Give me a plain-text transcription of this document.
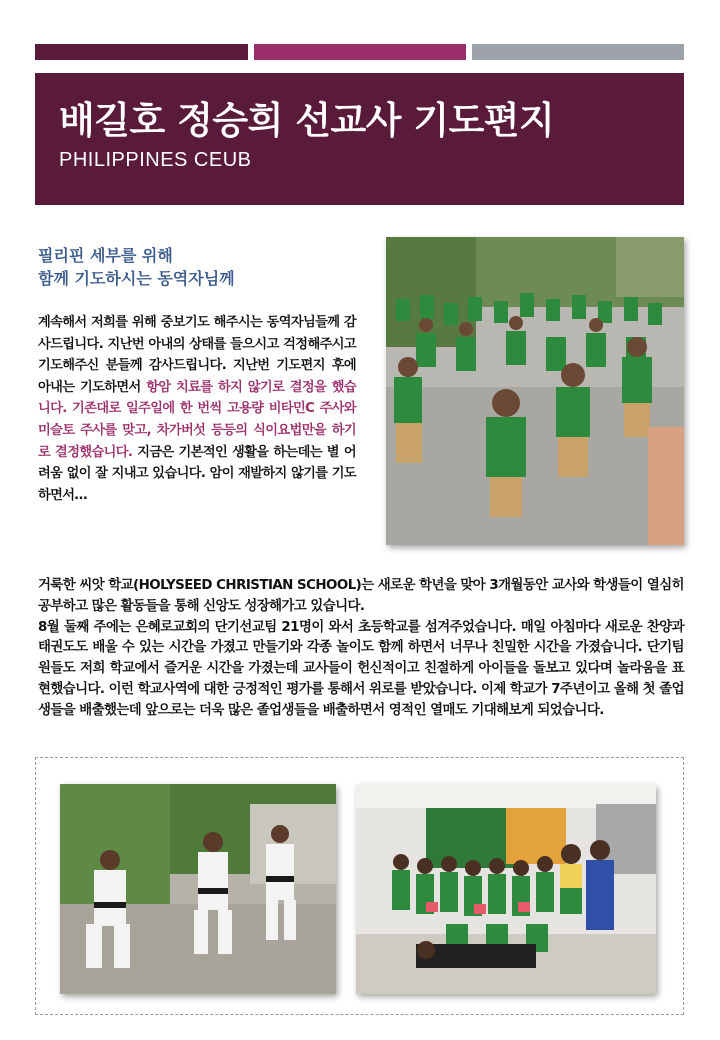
배길호 정승희 선교사 기도편지
PHILIPPINES CEUB
필리핀 세부를 위해
함께 기도하시는 동역자님께
계속해서 저희를 위해 중보기도 해주시는 동역자님들께 감사드립니다. 지난번 아내의 상태를 들으시고 걱정해주시고 기도해주신 분들께 감사드립니다. 지난번 기도편지 후에 아내는 기도하면서 항암 치료를 하지 않기로 결정을 했습니다. 기존대로 일주일에 한 번씩 고용량 비타민C 주사와 미슬토 주사를 맞고, 차가버섯 등등의 식이요법만을 하기로 결정했습니다. 지금은 기본적인 생활을 하는데는 별 어려움 없이 잘 지내고 있습니다. 암이 재발하지 않기를 기도하면서…

거룩한 씨앗 학교(HOLYSEED CHRISTIAN SCHOOL)는 새로운 학년을 맞아 3개월동안 교사와 학생들이 열심히 공부하고 많은 활동들을 통해 신앙도 성장해가고 있습니다.

8월 둘째 주에는 은혜로교회의 단기선교팀 21명이 와서 초등학교를 섬겨주었습니다. 매일 아침마다 새로운 찬양과 태권도도 배울 수 있는 시간을 가졌고 만들기와 각종 놀이도 함께 하면서 너무나 친밀한 시간을 가졌습니다. 단기팀원들도 저희 학교에서 즐거운 시간을 가졌는데 교사들이 헌신적이고 친절하게 아이들을 돌보고 있다며 놀라움을 표현했습니다. 이런 학교사역에 대한 긍정적인 평가를 통해서 위로를 받았습니다. 이제 학교가 7주년이고 올해 첫 졸업생들을 배출했는데 앞으로는 더욱 많은 졸업생들을 배출하면서 영적인 열매도 기대해보게 되었습니다.
